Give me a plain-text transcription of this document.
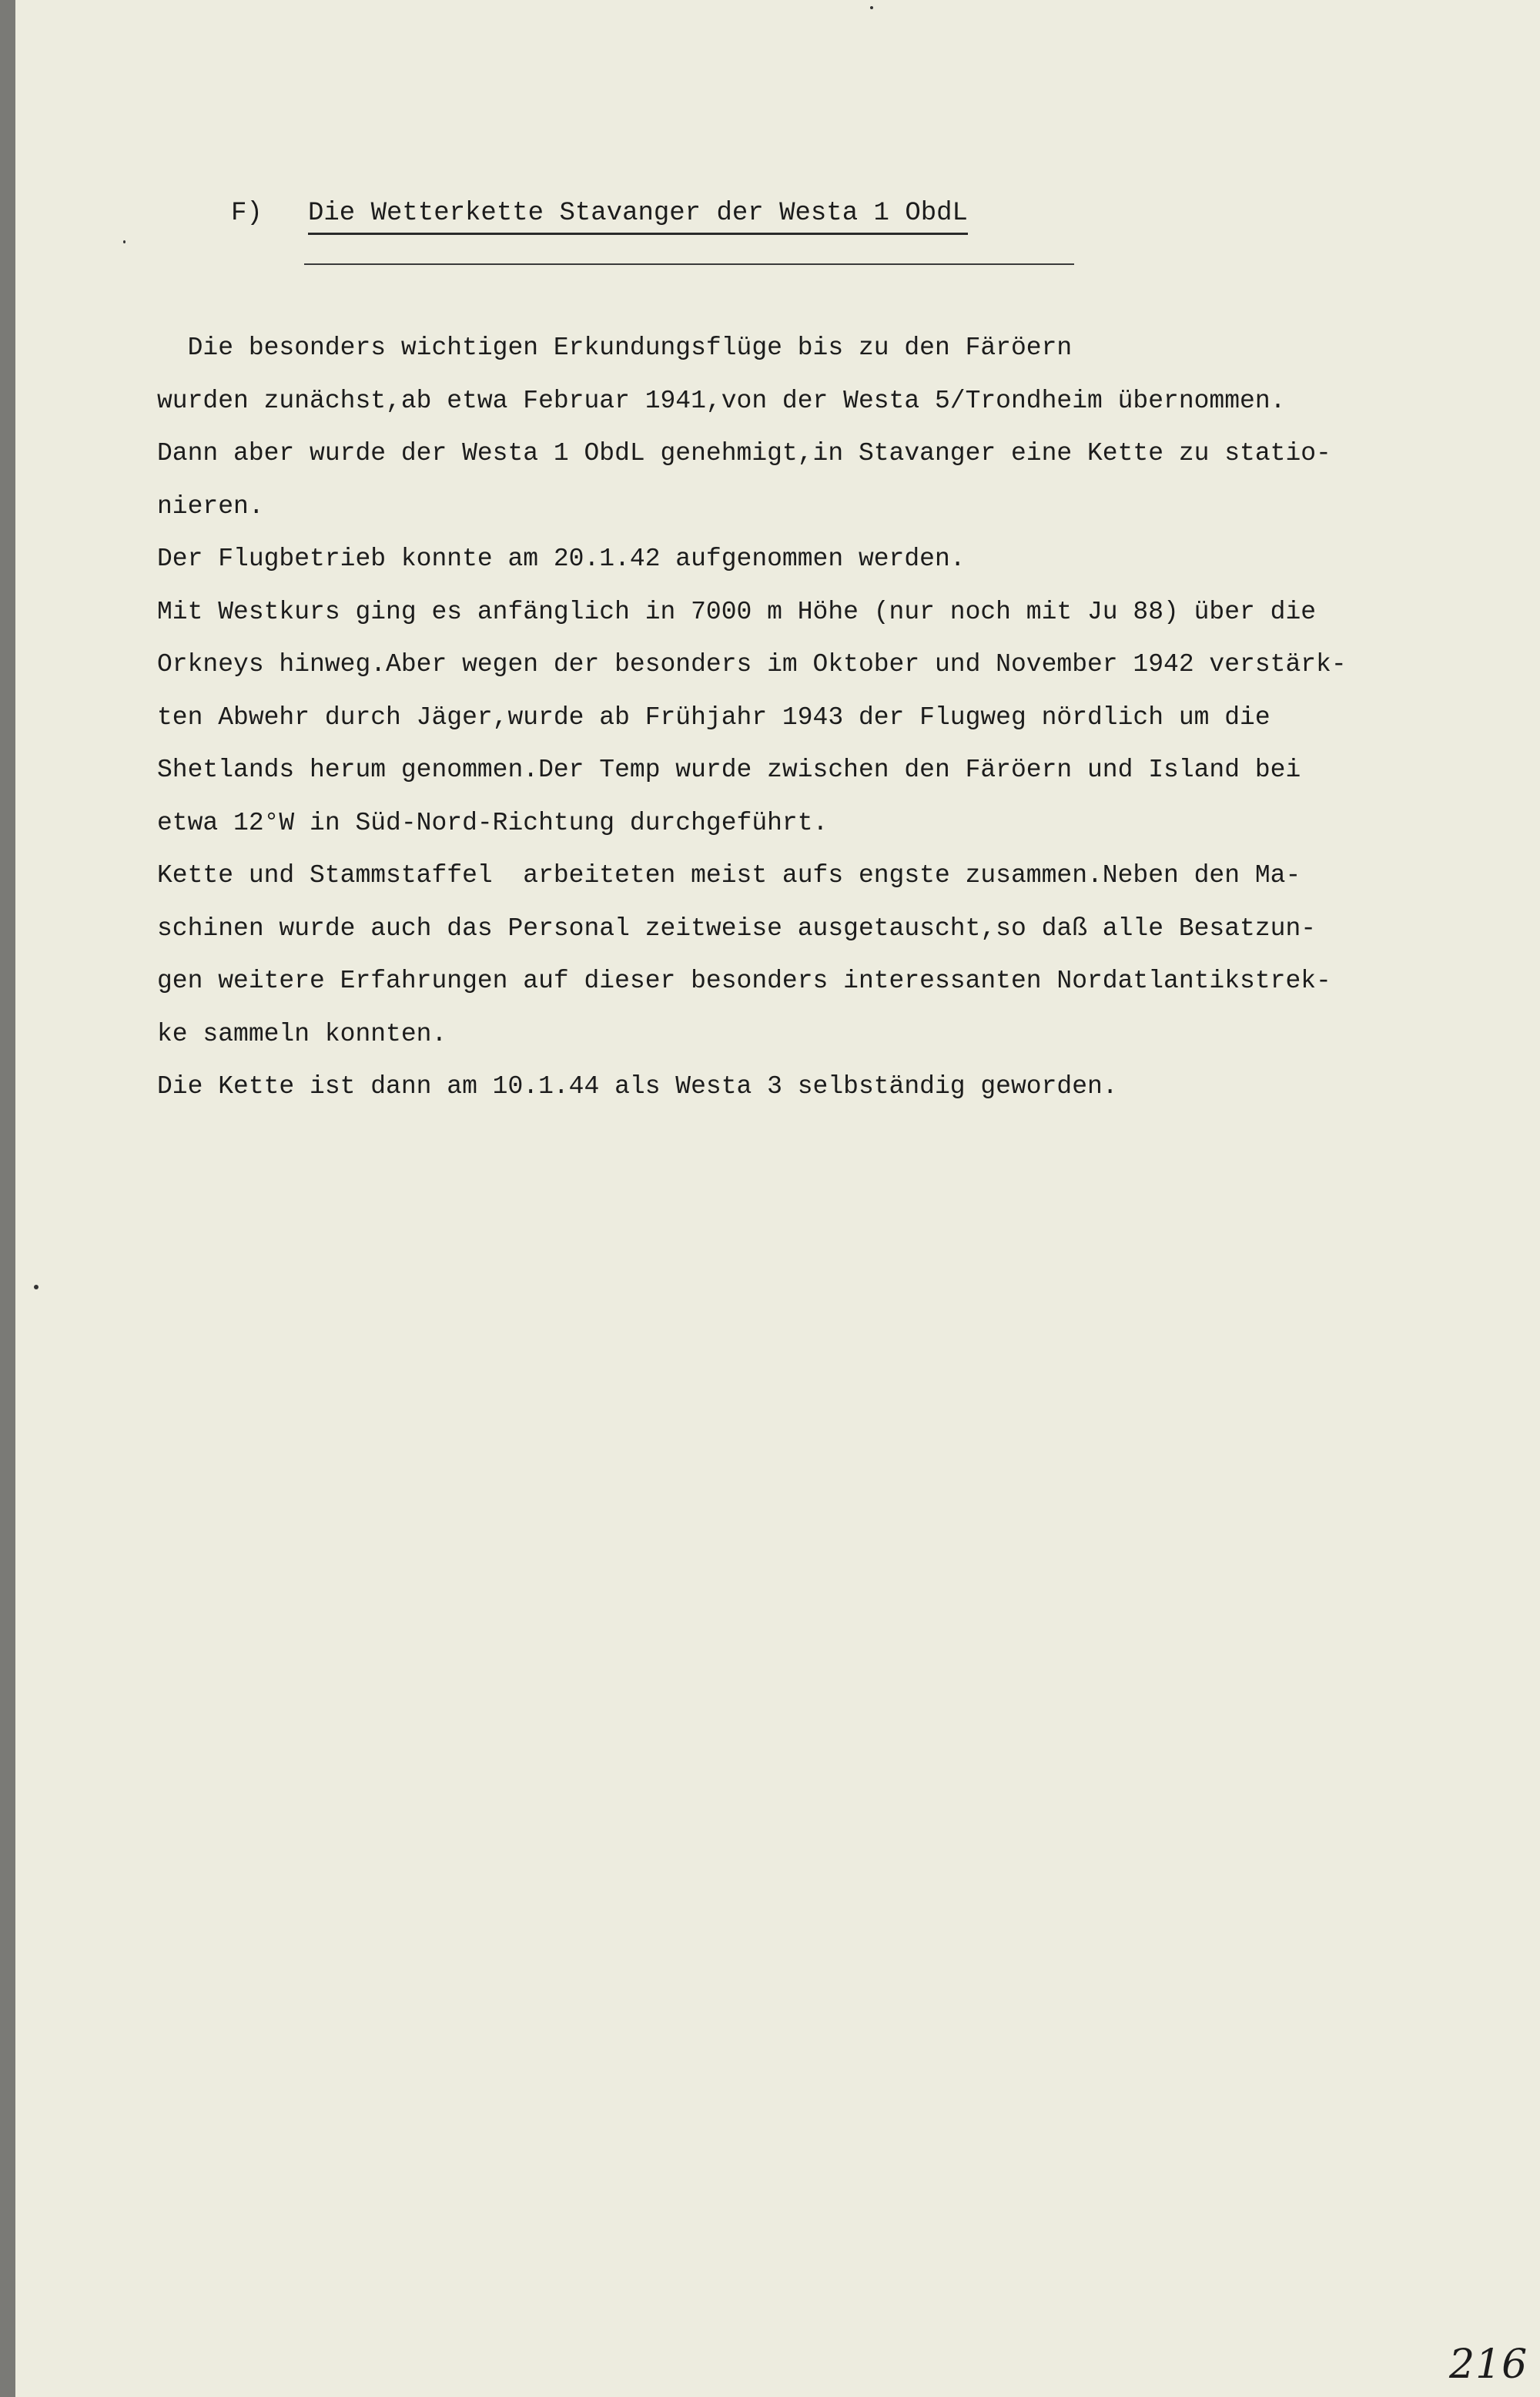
F) Die Wetterkette Stavanger der Westa 1 ObdL
Die besonders wichtigen Erkundungsflüge bis zu den Färöern
wurden zunächst,ab etwa Februar 1941,von der Westa 5/Trondheim übernommen.
Dann aber wurde der Westa 1 ObdL genehmigt,in Stavanger eine Kette zu statio-
nieren.
Der Flugbetrieb konnte am 20.1.42 aufgenommen werden.
Mit Westkurs ging es anfänglich in 7000 m Höhe (nur noch mit Ju 88) über die
Orkneys hinweg.Aber wegen der besonders im Oktober und November 1942 verstärk-
ten Abwehr durch Jäger,wurde ab Frühjahr 1943 der Flugweg nördlich um die
Shetlands herum genommen.Der Temp wurde zwischen den Färöern und Island bei
etwa 12°W in Süd-Nord-Richtung durchgeführt.
Kette und Stammstaffel  arbeiteten meist aufs engste zusammen.Neben den Ma-
schinen wurde auch das Personal zeitweise ausgetauscht,so daß alle Besatzun-
gen weitere Erfahrungen auf dieser besonders interessanten Nordatlantikstrek-
ke sammeln konnten.
Die Kette ist dann am 10.1.44 als Westa 3 selbständig geworden.
216
